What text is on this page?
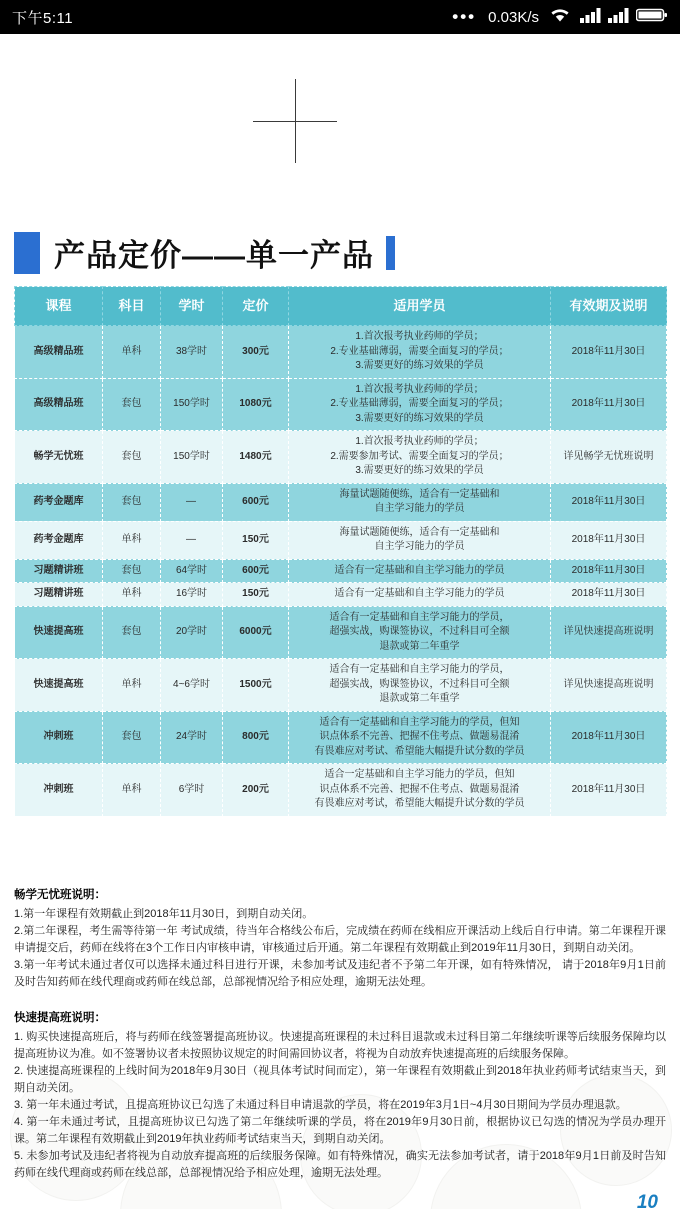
下午5:11	••• 0.03K/s
产品定价——单一产品
课程	科目	学时	定价	适用学员	有效期及说明
高级精品班	单科	38学时	300元	1.首次报考执业药师的学员；
2.专业基础薄弱，需要全面复习的学员；
3.需要更好的练习效果的学员	2018年11月30日
高级精品班	套包	150学时	1080元	1.首次报考执业药师的学员；
2.专业基础薄弱，需要全面复习的学员；
3.需要更好的练习效果的学员	2018年11月30日
畅学无忧班	套包	150学时	1480元	1.首次报考执业药师的学员；
2.需要参加考试、需要全面复习的学员；
3.需要更好的练习效果的学员	详见畅学无忧班说明
药考金题库	套包	—	600元	海量试题随便练，适合有一定基础和
自主学习能力的学员	2018年11月30日
药考金题库	单科	—	150元	海量试题随便练，适合有一定基础和
自主学习能力的学员	2018年11月30日
习题精讲班	套包	64学时	600元	适合有一定基础和自主学习能力的学员	2018年11月30日
习题精讲班	单科	16学时	150元	适合有一定基础和自主学习能力的学员	2018年11月30日
快速提高班	套包	20学时	6000元	适合有一定基础和自主学习能力的学员，
超强实战，购课签协议，不过科目可全额
退款或第二年重学	详见快速提高班说明
快速提高班	单科	4~6学时	1500元	适合有一定基础和自主学习能力的学员，
超强实战，购课签协议，不过科目可全额
退款或第二年重学	详见快速提高班说明
冲刺班	套包	24学时	800元	适合有一定基础和自主学习能力的学员，但知
识点体系不完善、把握不住考点、做题易混淆
有畏难应对考试、希望能大幅提升试分数的学员	2018年11月30日
冲刺班	单科	6学时	200元	适合一定基础和自主学习能力的学员，但知
识点体系不完善、把握不住考点、做题易混淆
有畏难应对考试，希望能大幅提升试分数的学员	2018年11月30日
畅学无忧班说明：

1.第一年课程有效期截止到2018年11月30日，到期自动关闭。
2.第二年课程，考生需等待第一年 考试成绩，待当年合格线公布后，完成绩在药师在线相应开课活动上线后自行申请。第二年课程开课申请提交后，药师在线将在3个工作日内审核申请，审核通过后开通。第二年课程有效期截止到2019年11月30日，到期自动关闭。
3.第一年考试未通过者仅可以选择未通过科目进行开课，未参加考试及违纪者不予第二年开课，如有特殊情况， 请于2018年9月1日前及时告知药师在线代理商或药师在线总部，总部视情况给予相应处理，逾期无法处理。

快速提高班说明：

1. 购买快速提高班后，将与药师在线签署提高班协议。快速提高班课程的未过科目退款或未过科目第二年继续听课等后续服务保障均以提高班协议为准。如不签署协议者未按照协议规定的时间需回协议者，将视为自动放弃快速提高班的后续服务保障。
2. 快速提高班课程的上线时间为2018年9月30日（视具体考试时间而定），第一年课程有效期截止到2018年执业药师考试结束当天，到期自动关闭。
3. 第一年未通过考试，且提高班协议已勾选了未通过科目申请退款的学员，将在2019年3月1日~4月30日期间为学员办理退款。
4. 第一年未通过考试，且提高班协议已勾选了第二年继续听课的学员，将在2019年9月30日前，根据协议已勾选的情况为学员办理开课。第二年课程有效期截止到2019年执业药师考试结束当天，到期自动关闭。
5. 未参加考试及违纪者将视为自动放弃提高班的后续服务保障。如有特殊情况，确实无法参加考试者，请于2018年9月1日前及时告知药师在线代理商或药师在线总部，总部视情况给予相应处理，逾期无法处理。

10
